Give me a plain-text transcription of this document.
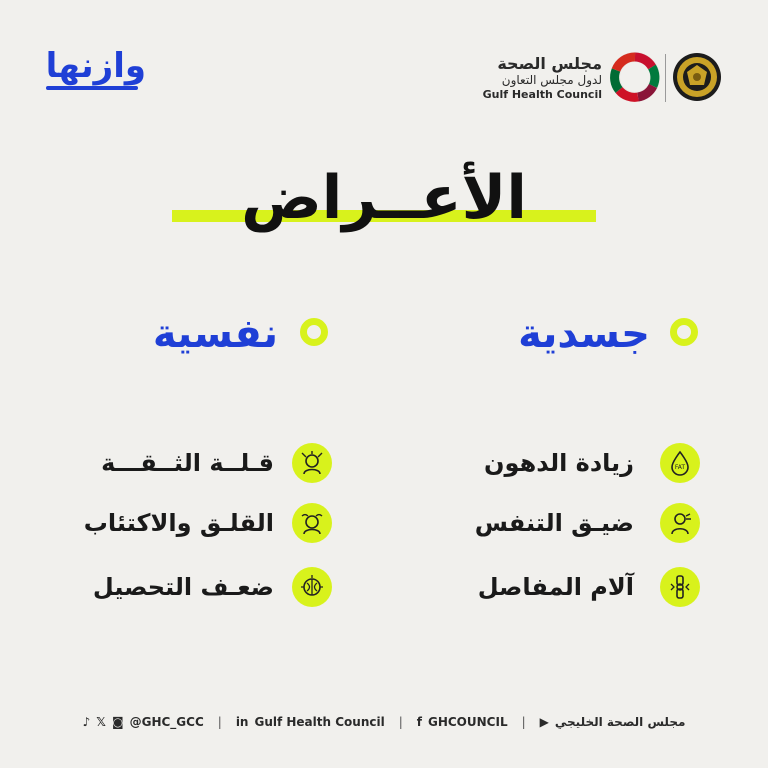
وازنها	مجلس الصحة
لدول مجلس التعاون
Gulf Health Council
الأعــراض
جسدية
نفسية
FAT
زيادة الدهون
ضيـق التنفس
آلام المفاصل
قـلــة الثــقـــة
القلـق والاكتئاب
ضعـف التحصيل
♪ 𝕏 ◙ @GHC_GCC | in Gulf Health Council | f GHCOUNCIL | ▶ مجلس الصحة الخليجي
